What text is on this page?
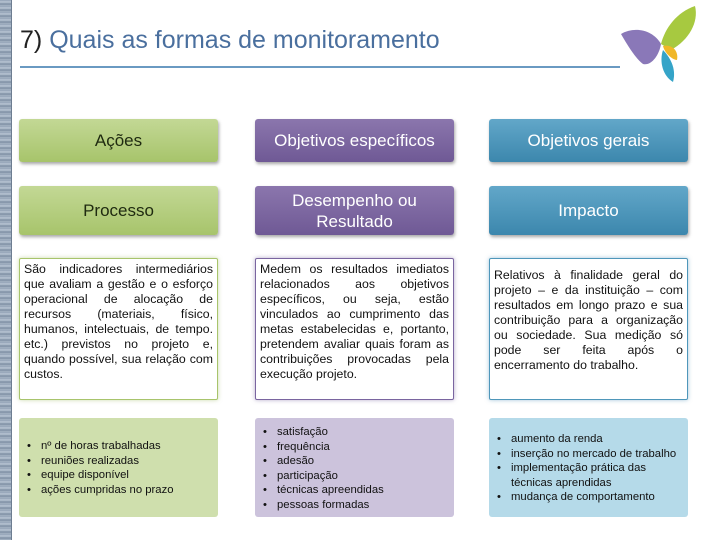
7) Quais as formas de monitoramento
Ações
Processo
São indicadores intermediários que avaliam a gestão e o esforço operacional de alocação de recursos (materiais, físico, humanos, intelectuais, de tempo. etc.) previstos no projeto e, quando possível, sua relação com custos.
• nº de horas trabalhadas
• reuniões realizadas
• equipe disponível
• ações cumpridas no prazo
Objetivos específicos
Desempenho ou Resultado
Medem os resultados imediatos relacionados aos objetivos específicos, ou seja, estão vinculados ao cumprimento das metas estabelecidas e, portanto, pretendem avaliar quais foram as contribuições provocadas pela execução projeto.
• satisfação
• frequência
• adesão
• participação
• técnicas apreendidas
• pessoas formadas
Objetivos gerais
Impacto
Relativos à finalidade geral do projeto – e da instituição – com resultados em longo prazo e sua contribuição para a organização ou sociedade. Sua medição só pode ser feita após o encerramento do trabalho.
• aumento da renda
• inserção no mercado de trabalho
• implementação prática das técnicas aprendidas
• mudança de comportamento
